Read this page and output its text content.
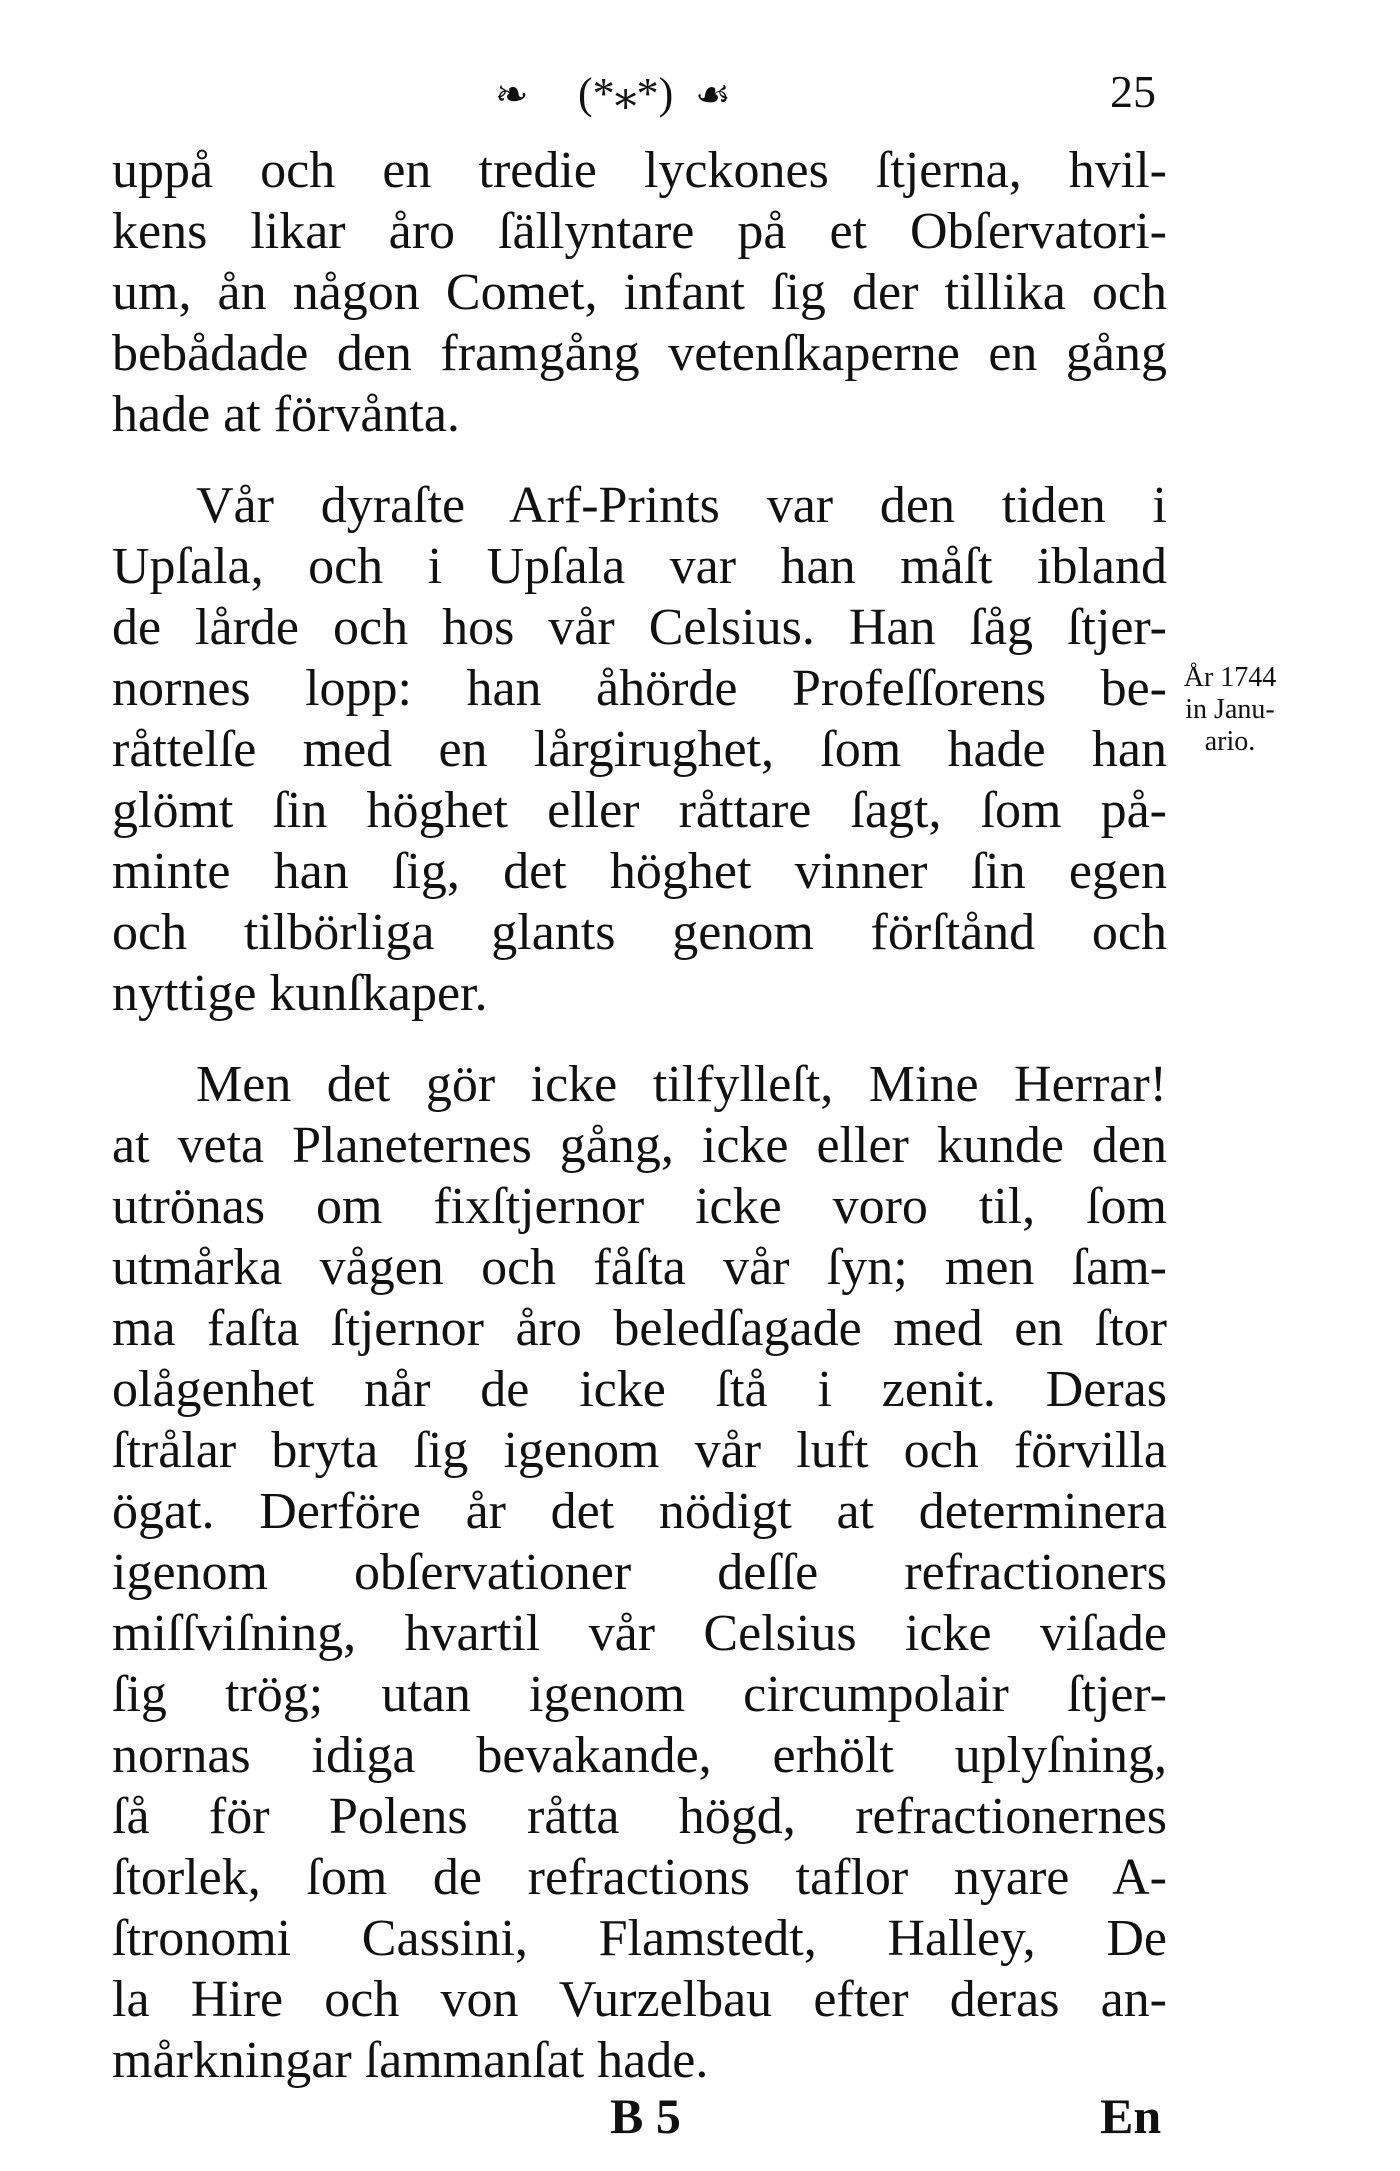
❧ (*⁎*) ☙	25
uppå och en tredie lyckones ſtjerna, hvil-
kens likar åro ſällyntare på et Obſervatori-
um, ån någon Comet, infant ſig der tillika och
bebådade den framgång vetenſkaperne en gång
hade at förvånta.
Vår dyraſte Arf-Prints var den tiden i
Upſala, och i Upſala var han måſt ibland
de lårde och hos vår Celsius. Han ſåg ſtjer-
nornes lopp: han åhörde Profeſſorens be-
råttelſe med en lårgirughet, ſom hade han
glömt ſin höghet eller råttare ſagt, ſom på-
minte han ſig, det höghet vinner ſin egen
och tilbörliga glants genom förſtånd och
nyttige kunſkaper.
Men det gör icke tilfylleſt, Mine Herrar!
at veta Planeternes gång, icke eller kunde den
utrönas om fixſtjernor icke voro til, ſom
utmårka vågen och fåſta vår ſyn; men ſam-
ma faſta ſtjernor åro beledſagade med en ſtor
olågenhet når de icke ſtå i zenit. Deras
ſtrålar bryta ſig igenom vår luft och förvilla
ögat. Derföre år det nödigt at determinera
igenom obſervationer deſſe refractioners
miſſviſning, hvartil vår Celsius icke viſade
ſig trög; utan igenom circumpolair ſtjer-
nornas idiga bevakande, erhölt uplyſning,
ſå för Polens råtta högd, refractionernes
ſtorlek, ſom de refractions taflor nyare A-
ſtronomi Cassini, Flamstedt, Halley, De
la Hire och von Vurzelbau efter deras an-
mårkningar ſammanſat hade.
År 1744
in Janu-
ario.
B 5	En
